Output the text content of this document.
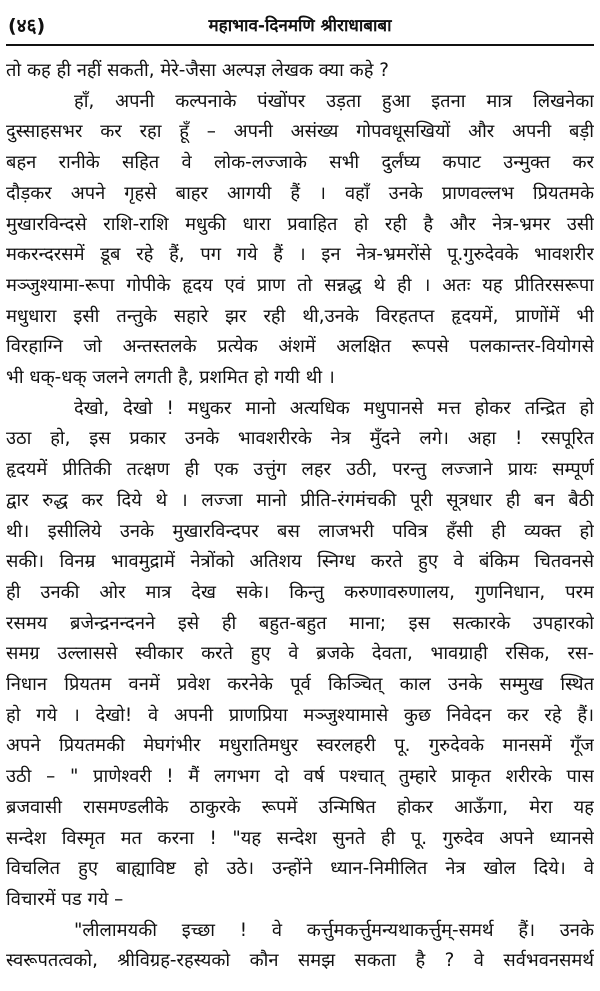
(४६)	महाभाव-दिनमणि श्रीराधाबाबा
तो कह ही नहीं सकती, मेरे-जैसा अल्पज्ञ लेखक क्या कहे ?
हाँ, अपनी कल्पनाके पंखोंपर उड़ता हुआ इतना मात्र लिखनेका
दुस्साहसभर कर रहा हूँ – अपनी असंख्य गोपवधूसखियों और अपनी बड़ी
बहन रानीके सहित वे लोक-लज्जाके सभी दुर्लंघ्य कपाट उन्मुक्त कर
दौड़कर अपने गृहसे बाहर आगयी हैं । वहाँ उनके प्राणवल्लभ प्रियतमके
मुखारविन्दसे राशि-राशि मधुकी धारा प्रवाहित हो रही है और नेत्र-भ्रमर उसी
मकरन्दरसमें डूब रहे हैं, पग गये हैं । इन नेत्र-भ्रमरोंसे पू.गुरुदेवके भावशरीर
मञ्जुश्यामा-रूपा गोपीके हृदय एवं प्राण तो सन्नद्ध थे ही । अतः यह प्रीतिरसरूपा
मधुधारा इसी तन्तुके सहारे झर रही थी,उनके विरहतप्त हृदयमें, प्राणोंमें भी
विरहाग्नि जो अन्तस्तलके प्रत्येक अंशमें अलक्षित रूपसे पलकान्तर-वियोगसे
भी धक्-धक् जलने लगती है, प्रशमित हो गयी थी ।
देखो, देखो ! मधुकर मानो अत्यधिक मधुपानसे मत्त होकर तन्द्रित हो
उठा हो, इस प्रकार उनके भावशरीरके नेत्र मुँदने लगे। अहा ! रसपूरित
हृदयमें प्रीतिकी तत्क्षण ही एक उत्तुंग लहर उठी, परन्तु लज्जाने प्रायः सम्पूर्ण
द्वार रुद्ध कर दिये थे । लज्जा मानो प्रीति-रंगमंचकी पूरी सूत्रधार ही बन बैठी
थी। इसीलिये उनके मुखारविन्दपर बस लाजभरी पवित्र हँसी ही व्यक्त हो
सकी। विनम्र भावमुद्रामें नेत्रोंको अतिशय स्निग्ध करते हुए वे बंकिम चितवनसे
ही उनकी ओर मात्र देख सके। किन्तु करुणावरुणालय, गुणनिधान, परम
रसमय ब्रजेन्द्रनन्दनने इसे ही बहुत-बहुत माना; इस सत्कारके उपहारको
समग्र उल्लाससे स्वीकार करते हुए वे ब्रजके देवता, भावग्राही रसिक, रस-
निधान प्रियतम वनमें प्रवेश करनेके पूर्व किञ्चित् काल उनके सम्मुख स्थित
हो गये । देखो! वे अपनी प्राणप्रिया मञ्जुश्यामासे कुछ निवेदन कर रहे हैं।
अपने प्रियतमकी मेघगंभीर मधुरातिमधुर स्वरलहरी पू. गुरुदेवके मानसमें गूँज
उठी – " प्राणेश्वरी ! मैं लगभग दो वर्ष पश्चात् तुम्हारे प्राकृत शरीरके पास
ब्रजवासी रासमण्डलीके ठाकुरके रूपमें उन्मिषित होकर आऊँगा, मेरा यह
सन्देश विस्मृत मत करना ! "यह सन्देश सुनते ही पू. गुरुदेव अपने ध्यानसे
विचलित हुए बाह्याविष्ट हो उठे। उन्होंने ध्यान-निमीलित नेत्र खोल दिये। वे
विचारमें पड गये –
"लीलामयकी इच्छा ! वे कर्त्तुमकर्त्तुमन्यथाकर्त्तुम्-समर्थ हैं। उनके
स्वरूपतत्वको, श्रीविग्रह-रहस्यको कौन समझ सकता है ? वे सर्वभवनसमर्थ
